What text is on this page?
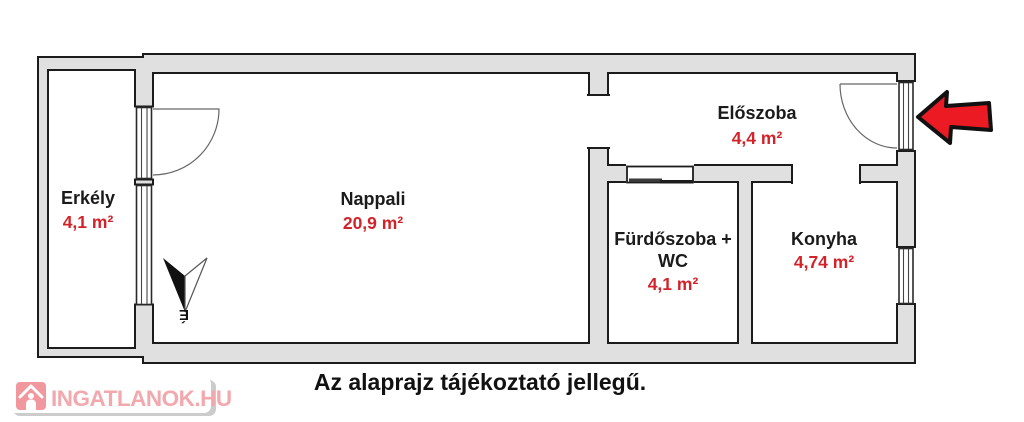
É
Erkély
4,1 m²
Nappali
20,9 m²
Előszoba
4,4 m²
Fürdőszoba +
WC
4,1 m²
Konyha
4,74 m²
Az alaprajz tájékoztató jellegű.
INGATLANOK.HU
